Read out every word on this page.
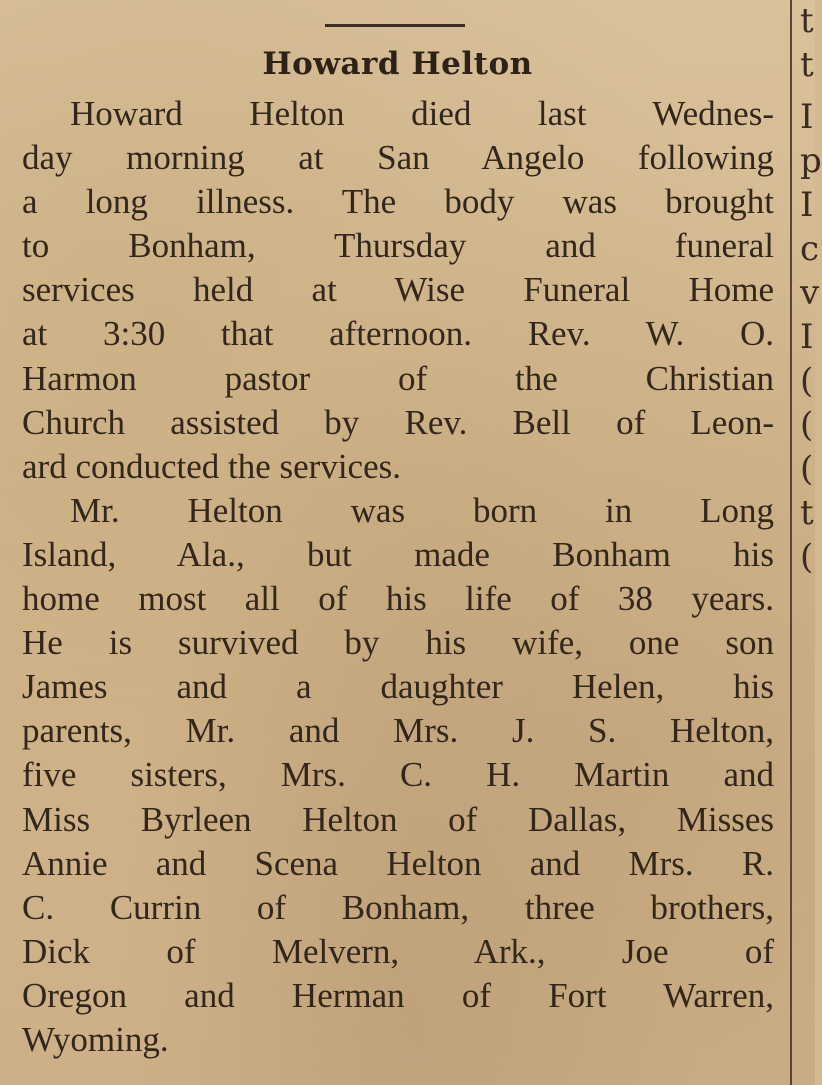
t
t
I
p
I
c
v
I
(
(
(
t
(
Howard Helton
Howard Helton died last Wednes-
day morning at San Angelo following
a long illness. The body was brought
to Bonham, Thursday and funeral
services held at Wise Funeral Home
at 3:30 that afternoon. Rev. W. O.
Harmon pastor of the Christian
Church assisted by Rev. Bell of Leon-
ard conducted the services.
Mr. Helton was born in Long
Island, Ala., but made Bonham his
home most all of his life of 38 years.
He is survived by his wife, one son
James and a daughter Helen, his
parents, Mr. and Mrs. J. S. Helton,
five sisters, Mrs. C. H. Martin and
Miss Byrleen Helton of Dallas, Misses
Annie and Scena Helton and Mrs. R.
C. Currin of Bonham, three brothers,
Dick of Melvern, Ark., Joe of
Oregon and Herman of Fort Warren,
Wyoming.
